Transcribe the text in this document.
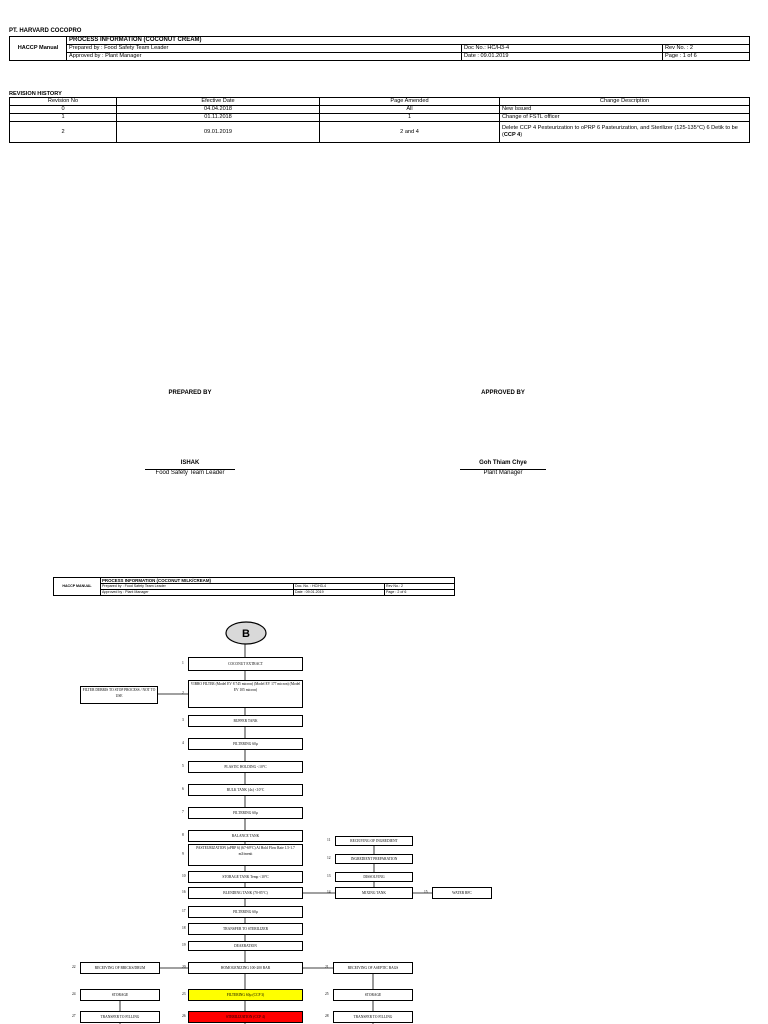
PT. HARVARD COCOPRO
HACCP Manual	PROCESS INFORMATION (COCONUT CREAM)		
	Prepared by : Food Safety Team Leader	Doc No.: HC/H3-4	Rev No. : 2
	Approved by : Plant Manager	Date : 09.01.2019	Page : 1 of 6
REVISION HISTORY
Revision No	Efective Date	Page Amended	Change Description
0	04.04.2018	All	New Issued
1	01.11.2018	1	Change of FSTL officer
2	09.01.2019	2 and 4	Delete CCP 4 Pesteurization to oPRP 6 Pasteurization, and Sterilizer (125-135°C) 6 Detik to be (CCP 4)
PREPARED BY	APPROVED BY
ISHAK
Food Safety Team Leader
Goh Thiam Chye
Plant Manager
HACCP MANUAL	PROCESS INFORMATION (COCONUT MILK/CREAM)		
	Prepared by : Food Safety Team Leader	Doc. No. : HC/H3-4	Rev No.: 2
	Approved by : Plant Manager	Date : 09.01.2019	Page : 2 of 6
B
COCONUT EXTRACT
1
VIBRO FILTER (Model EV 8 745 micron) (Model EV 177 micron) (Model EV 105 micron)
2
BUFFER TANK
3
FILTERING 60µ
4
PLASTIC HOLDING <10°C
5
BULK TANK (4x) <10°C
6
FILTERING 60µ
7
BALANCE TANK
8
PASTEURIZATION (oPRP 6) (67-69°C) Al Hold Flow Rate 1.5-1.7 m3/menit
9
STORAGE TANK Temp <10°C
10
RECEIVING OF INGREDIENT
11
INGREDIENT PREPARATION
12
DISSOLVING
13
MIXING TANK
14	WATER RFC
15
BLENDING TANK (70-85°C)
16
FILTERING 60µ
17
TRANSFER TO STERILIZER
18
DEAERATION
19
HOMOGENIZING 100-200 BAR
20	RECEIVING OF ASEPTIC BAGS
21
RECEIVING OF BRICKS/DRUM
22
FILTERING 60µ (CCP 3)
23
STORAGE
24	STORAGE
25
STERILIZATION (CCP 4)
26
TRANSFER TO FILLING
27	TRANSFER TO FILLING
28
FILTER DEBRIS TO STOP PROCESS / NOT TO USE
